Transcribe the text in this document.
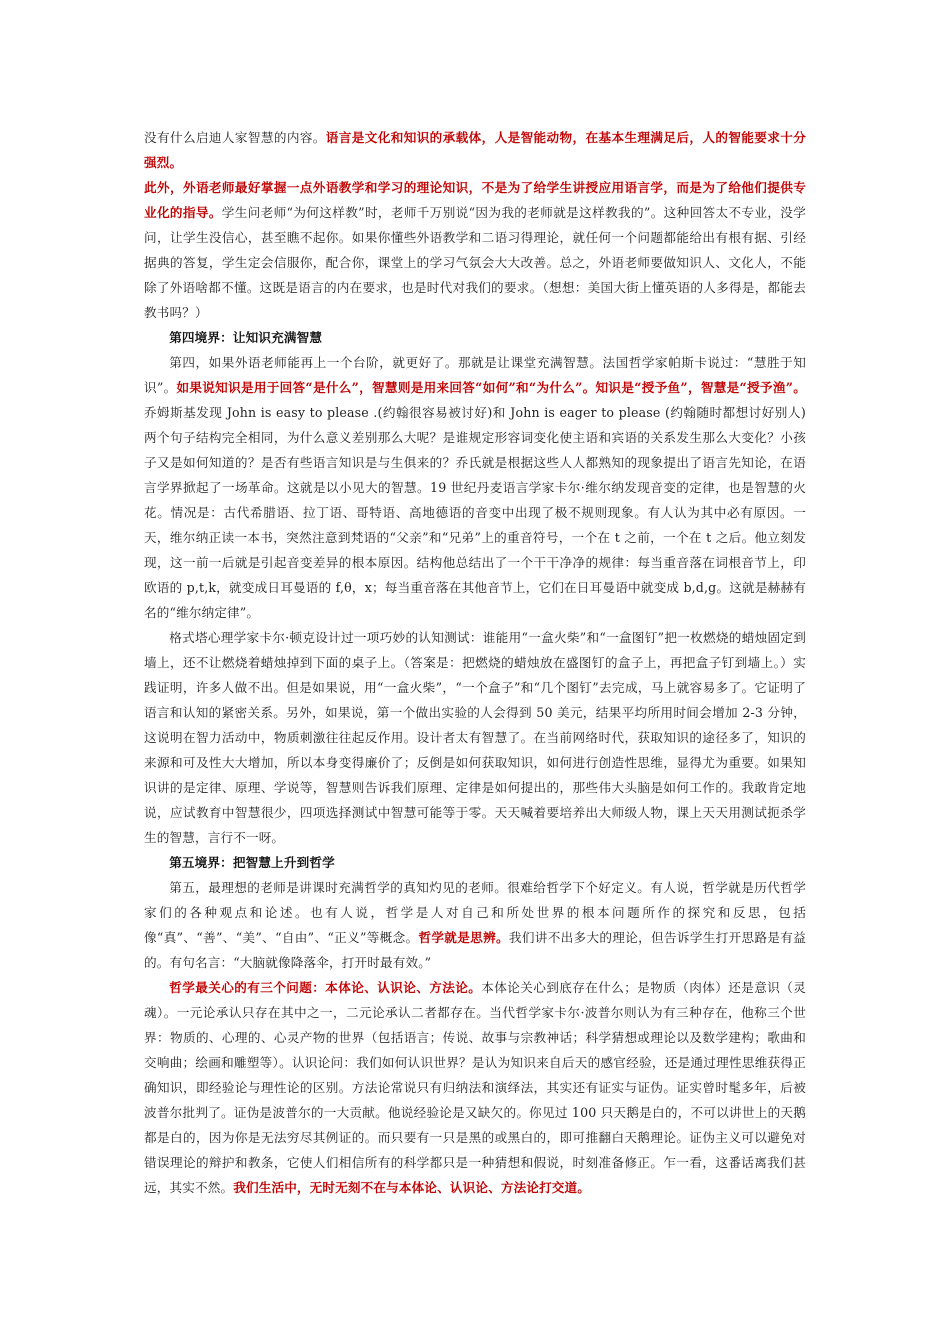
没有什么启迪人家智慧的内容。语言是文化和知识的承载体，人是智能动物，在基本生理满足后，人的智能要求十分强烈。

此外，外语老师最好掌握一点外语教学和学习的理论知识，不是为了给学生讲授应用语言学，而是为了给他们提供专业化的指导。学生问老师“为何这样教”时，老师千万别说“因为我的老师就是这样教我的”。这种回答太不专业，没学问，让学生没信心，甚至瞧不起你。如果你懂些外语教学和二语习得理论，就任何一个问题都能给出有根有据、引经据典的答复，学生定会信服你，配合你，课堂上的学习气氛会大大改善。总之，外语老师要做知识人、文化人，不能除了外语啥都不懂。这既是语言的内在要求，也是时代对我们的要求。（想想：美国大街上懂英语的人多得是，都能去教书吗？）

第四境界：让知识充满智慧

第四，如果外语老师能再上一个台阶，就更好了。那就是让课堂充满智慧。法国哲学家帕斯卡说过：“慧胜于知识”。如果说知识是用于回答“是什么”，智慧则是用来回答“如何”和“为什么”。知识是“授予鱼”，智慧是“授予渔”。乔姆斯基发现 John is easy to please .(约翰很容易被讨好)和 John is eager to please (约翰随时都想讨好别人)两个句子结构完全相同，为什么意义差别那么大呢？是谁规定形容词变化使主语和宾语的关系发生那么大变化？小孩子又是如何知道的？是否有些语言知识是与生俱来的？乔氏就是根据这些人人都熟知的现象提出了语言先知论，在语言学界掀起了一场革命。这就是以小见大的智慧。19 世纪丹麦语言学家卡尔·维尔纳发现音变的定律，也是智慧的火花。情况是：古代希腊语、拉丁语、哥特语、高地德语的音变中出现了极不规则现象。有人认为其中必有原因。一天，维尔纳正读一本书，突然注意到梵语的“父亲”和“兄弟”上的重音符号，一个在 t 之前，一个在 t 之后。他立刻发现，这一前一后就是引起音变差异的根本原因。结构他总结出了一个干干净净的规律：每当重音落在词根音节上，印欧语的 p,t,k，就变成日耳曼语的 f,θ，x；每当重音落在其他音节上，它们在日耳曼语中就变成 b,d,g。这就是赫赫有名的“维尔纳定律”。

格式塔心理学家卡尔·顿克设计过一项巧妙的认知测试：谁能用“一盒火柴”和“一盒图钉”把一枚燃烧的蜡烛固定到墙上，还不让燃烧着蜡烛掉到下面的桌子上。（答案是：把燃烧的蜡烛放在盛图钉的盒子上，再把盒子钉到墙上。）实践证明，许多人做不出。但是如果说，用“一盒火柴”，“一个盒子”和“几个图钉”去完成，马上就容易多了。它证明了语言和认知的紧密关系。另外，如果说，第一个做出实验的人会得到 50 美元，结果平均所用时间会增加 2-3 分钟，这说明在智力活动中，物质刺激往往起反作用。设计者太有智慧了。在当前网络时代，获取知识的途径多了，知识的来源和可及性大大增加，所以本身变得廉价了；反倒是如何获取知识，如何进行创造性思维，显得尤为重要。如果知识讲的是定律、原理、学说等，智慧则告诉我们原理、定律是如何提出的，那些伟大头脑是如何工作的。我敢肯定地说，应试教育中智慧很少，四项选择测试中智慧可能等于零。天天喊着要培养出大师级人物，课上天天用测试扼杀学生的智慧，言行不一呀。

第五境界：把智慧上升到哲学

第五，最理想的老师是讲课时充满哲学的真知灼见的老师。很难给哲学下个好定义。有人说，哲学就是历代哲学家们的各种观点和论述。也有人说，哲学是人对自己和所处世界的根本问题所作的探究和反思，包括像“真”、“善”、“美”、“自由”、“正义”等概念。哲学就是思辨。我们讲不出多大的理论，但告诉学生打开思路是有益的。有句名言：“大脑就像降落伞，打开时最有效。”

哲学最关心的有三个问题：本体论、认识论、方法论。本体论关心到底存在什么；是物质（肉体）还是意识（灵魂）。一元论承认只存在其中之一，二元论承认二者都存在。当代哲学家卡尔·波普尔则认为有三种存在，他称三个世界：物质的、心理的、心灵产物的世界（包括语言；传说、故事与宗教神话；科学猜想或理论以及数学建构；歌曲和交响曲；绘画和雕塑等）。认识论问：我们如何认识世界？是认为知识来自后天的感官经验，还是通过理性思维获得正确知识，即经验论与理性论的区别。方法论常说只有归纳法和演绎法，其实还有证实与证伪。证实曾时髦多年，后被波普尔批判了。证伪是波普尔的一大贡献。他说经验论是又缺欠的。你见过 100 只天鹅是白的，不可以讲世上的天鹅都是白的，因为你是无法穷尽其例证的。而只要有一只是黑的或黑白的，即可推翻白天鹅理论。证伪主义可以避免对错误理论的辩护和教条，它使人们相信所有的科学都只是一种猜想和假说，时刻准备修正。乍一看，这番话离我们甚远，其实不然。我们生活中，无时无刻不在与本体论、认识论、方法论打交道。
